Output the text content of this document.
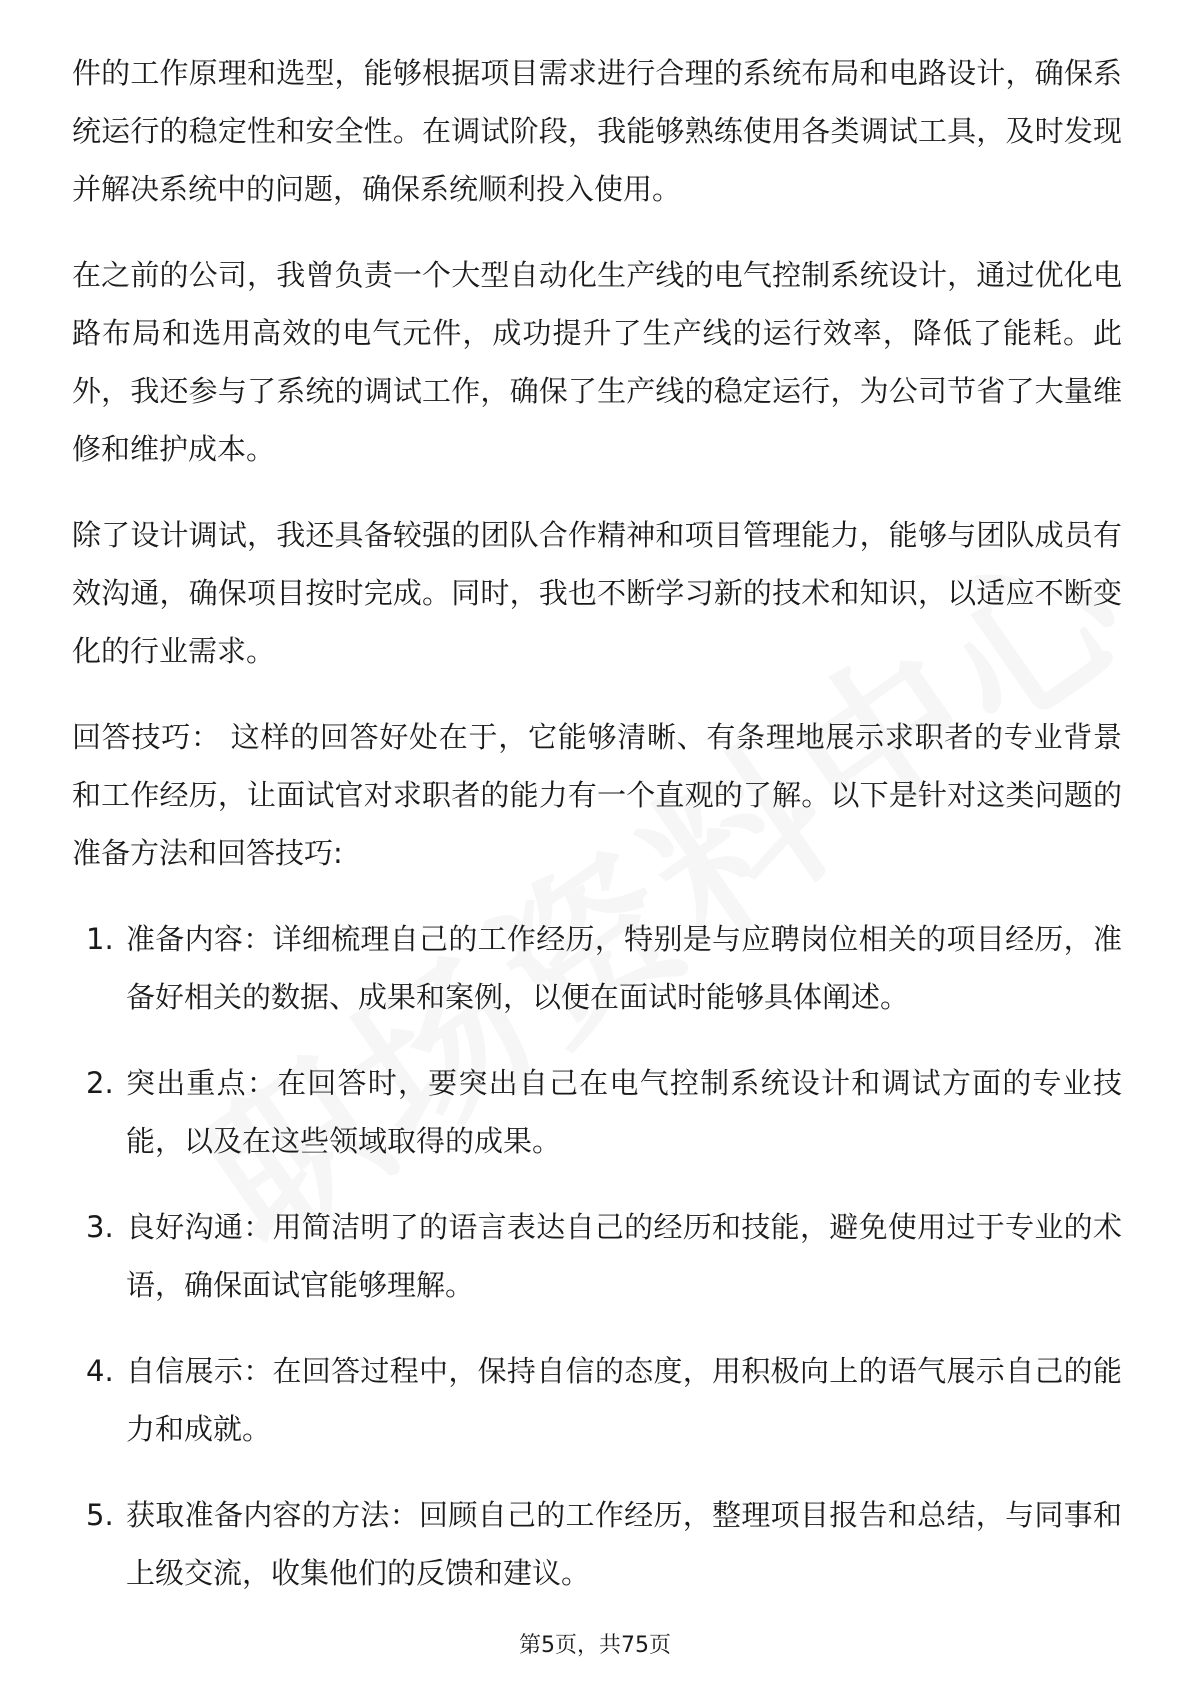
件的工作原理和选型，能够根据项目需求进行合理的系统布局和电路设计，确保系统运行的稳定性和安全性。在调试阶段，我能够熟练使用各类调试工具，及时发现并解决系统中的问题，确保系统顺利投入使用。

在之前的公司，我曾负责一个大型自动化生产线的电气控制系统设计，通过优化电路布局和选用高效的电气元件，成功提升了生产线的运行效率，降低了能耗。此外，我还参与了系统的调试工作，确保了生产线的稳定运行，为公司节省了大量维修和维护成本。

除了设计调试，我还具备较强的团队合作精神和项目管理能力，能够与团队成员有效沟通，确保项目按时完成。同时，我也不断学习新的技术和知识，以适应不断变化的行业需求。

回答技巧： 这样的回答好处在于，它能够清晰、有条理地展示求职者的专业背景和工作经历，让面试官对求职者的能力有一个直观的了解。以下是针对这类问题的准备方法和回答技巧:

1. 准备内容：详细梳理自己的工作经历，特别是与应聘岗位相关的项目经历，准备好相关的数据、成果和案例，以便在面试时能够具体阐述。

2. 突出重点：在回答时，要突出自己在电气控制系统设计和调试方面的专业技能，以及在这些领域取得的成果。

3. 良好沟通：用简洁明了的语言表达自己的经历和技能，避免使用过于专业的术语，确保面试官能够理解。

4. 自信展示：在回答过程中，保持自信的态度，用积极向上的语气展示自己的能力和成就。

5. 获取准备内容的方法：回顾自己的工作经历，整理项目报告和总结，与同事和上级交流，收集他们的反馈和建议。

第5页，共75页
